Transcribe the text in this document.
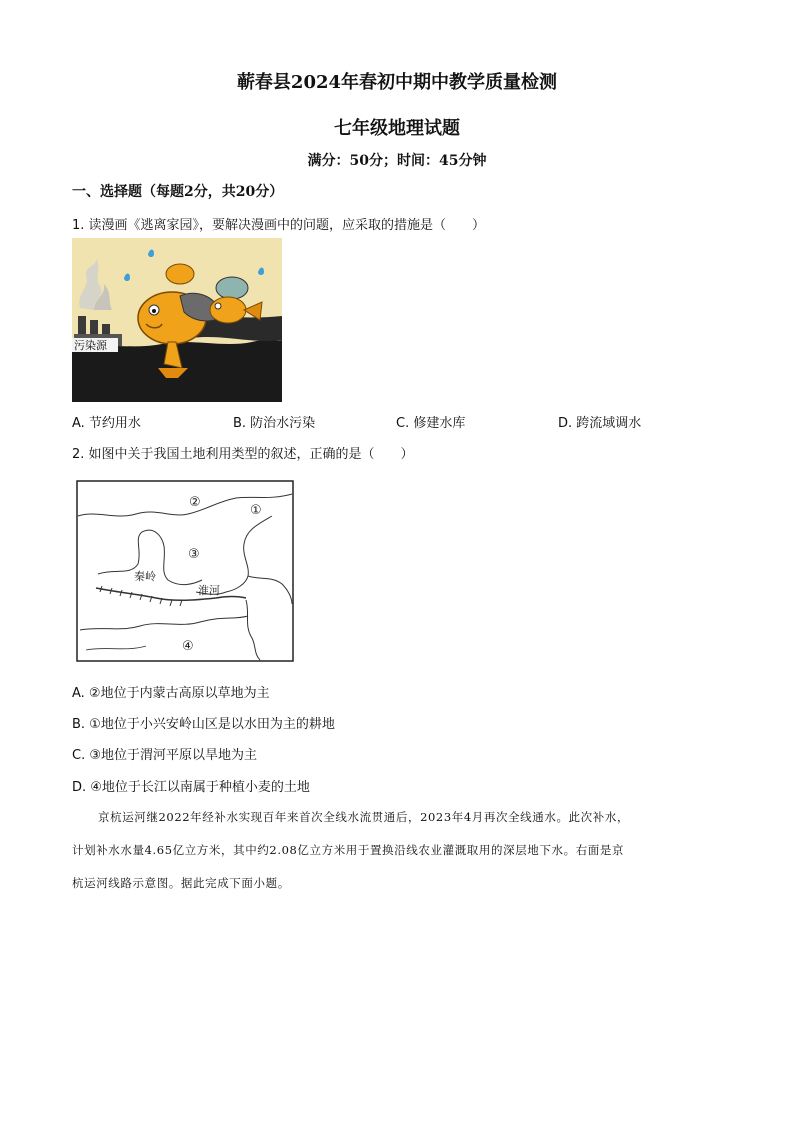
蕲春县2024年春初中期中教学质量检测
七年级地理试题
满分：50分；时间：45分钟
一、选择题（每题2分，共20分）
1. 读漫画《逃离家园》，要解决漫画中的问题，应采取的措施是（　　）
污染源
A. 节约用水	B. 防治水污染	C. 修建水库	D. 跨流域调水
2. 如图中关于我国土地利用类型的叙述，正确的是（　　）
②
①
③
④
秦岭
淮河
A. ②地位于内蒙古高原以草地为主
B. ①地位于小兴安岭山区是以水田为主的耕地
C. ③地位于渭河平原以旱地为主
D. ④地位于长江以南属于种植小麦的土地
京杭运河继2022年经补水实现百年来首次全线水流贯通后，2023年4月再次全线通水。此次补水，
计划补水水量4.65亿立方米，其中约2.08亿立方米用于置换沿线农业灌溉取用的深层地下水。右面是京
杭运河线路示意图。据此完成下面小题。
